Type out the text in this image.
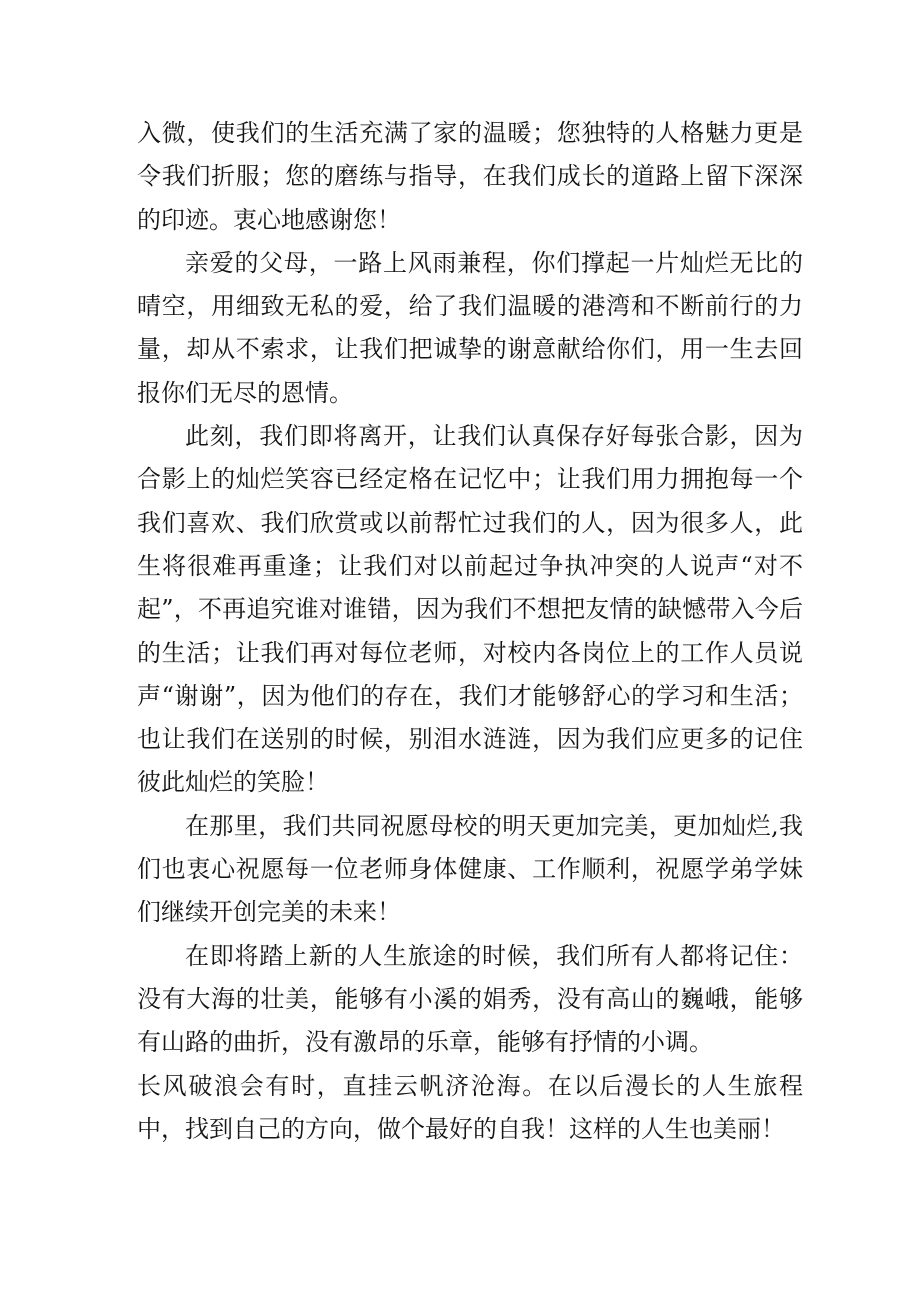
入微，使我们的生活充满了家的温暖；您独特的人格魅力更是令我们折服；您的磨练与指导，在我们成长的道路上留下深深的印迹。衷心地感谢您！

亲爱的父母，一路上风雨兼程，你们撑起一片灿烂无比的晴空，用细致无私的爱，给了我们温暖的港湾和不断前行的力量，却从不索求，让我们把诚挚的谢意献给你们，用一生去回报你们无尽的恩情。

此刻，我们即将离开，让我们认真保存好每张合影，因为合影上的灿烂笑容已经定格在记忆中；让我们用力拥抱每一个我们喜欢、我们欣赏或以前帮忙过我们的人，因为很多人，此生将很难再重逢；让我们对以前起过争执冲突的人说声“对不起”，不再追究谁对谁错，因为我们不想把友情的缺憾带入今后的生活；让我们再对每位老师，对校内各岗位上的工作人员说声“谢谢”，因为他们的存在，我们才能够舒心的学习和生活；也让我们在送别的时候，别泪水涟涟，因为我们应更多的记住彼此灿烂的笑脸！

在那里，我们共同祝愿母校的明天更加完美，更加灿烂,我们也衷心祝愿每一位老师身体健康、工作顺利，祝愿学弟学妹们继续开创完美的未来！

在即将踏上新的人生旅途的时候，我们所有人都将记住：没有大海的壮美，能够有小溪的娟秀，没有高山的巍峨，能够有山路的曲折，没有激昂的乐章，能够有抒情的小调。

长风破浪会有时，直挂云帆济沧海。在以后漫长的人生旅程中，找到自己的方向，做个最好的自我！这样的人生也美丽！
